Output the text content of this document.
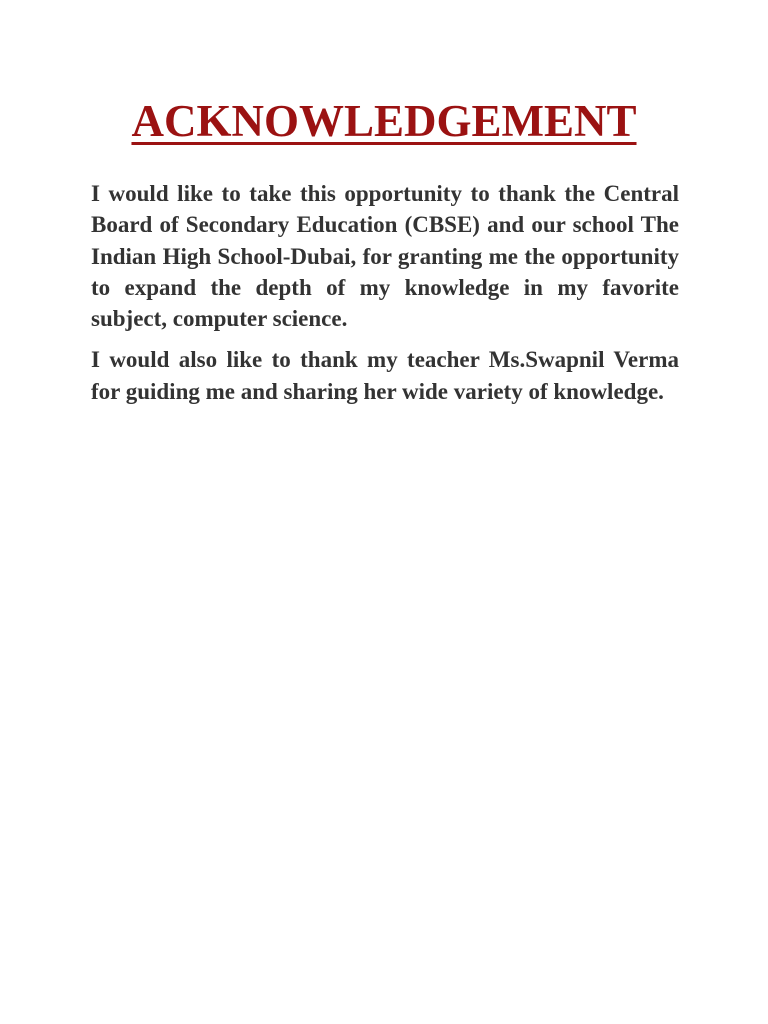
ACKNOWLEDGEMENT

I would like to take this opportunity to thank the Central Board of Secondary Education (CBSE) and our school The Indian High School-Dubai, for granting me the opportunity to expand the depth of my knowledge in my favorite subject, computer science.

I would also like to thank my teacher Ms.Swapnil Verma for guiding me and sharing her wide variety of knowledge.
